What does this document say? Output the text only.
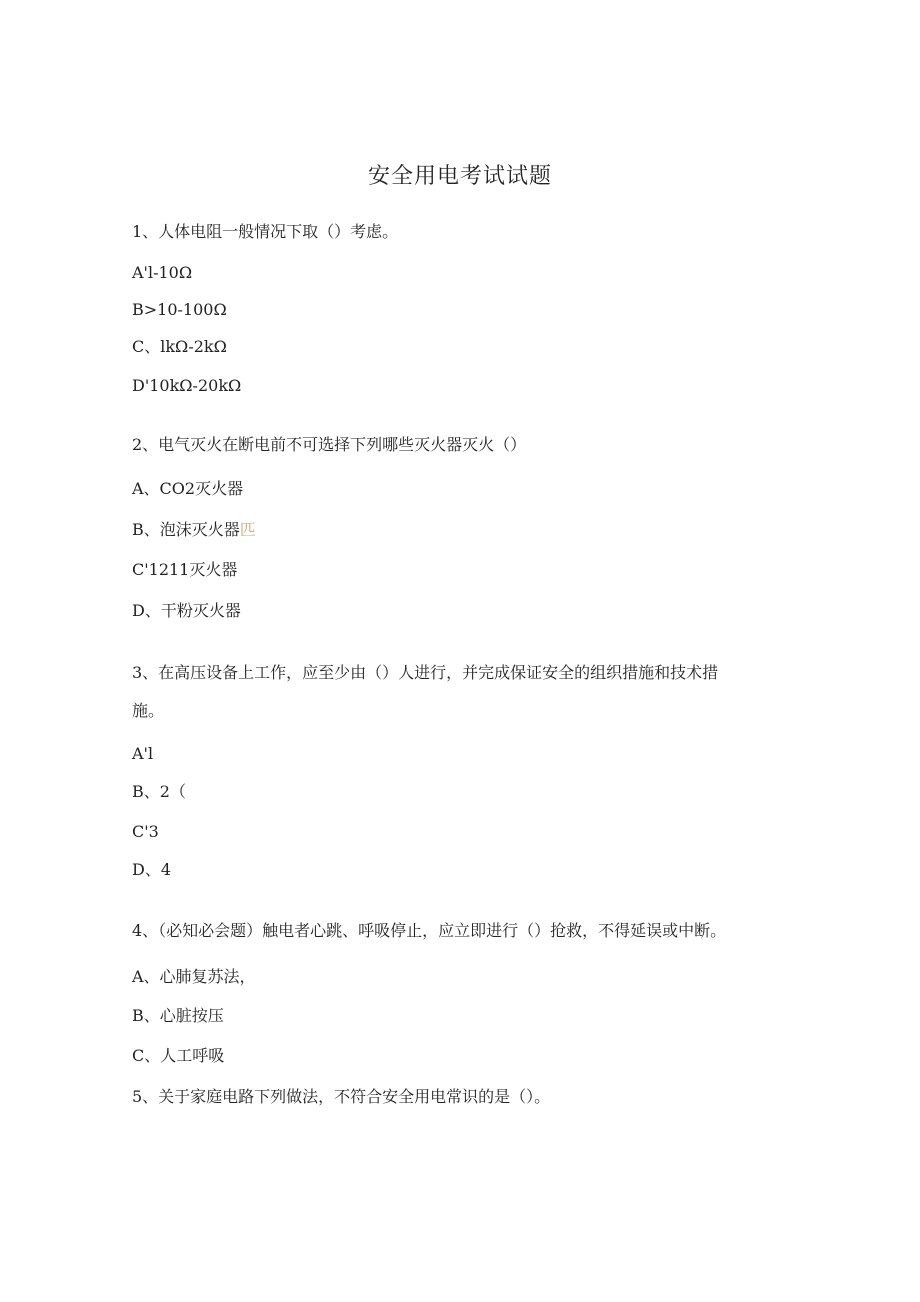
安全用电考试试题
1、人体电阻一般情况下取（）考虑。
A'l-10Ω
B>10-100Ω
C、lkΩ-2kΩ
D'10kΩ-20kΩ
2、电气灭火在断电前不可选择下列哪些灭火器灭火（）
A、CO2灭火器
B、泡沫灭火器匹
C'1211灭火器
D、干粉灭火器
3、在高压设备上工作，应至少由（）人进行，并完成保证安全的组织措施和技术措
施。
A'l
B、2（
C'3
D、4
4、（必知必会题）触电者心跳、呼吸停止，应立即进行（）抢救，不得延误或中断。
A、心肺复苏法，
B、心脏按压
C、人工呼吸
5、关于家庭电路下列做法，不符合安全用电常识的是（）。
